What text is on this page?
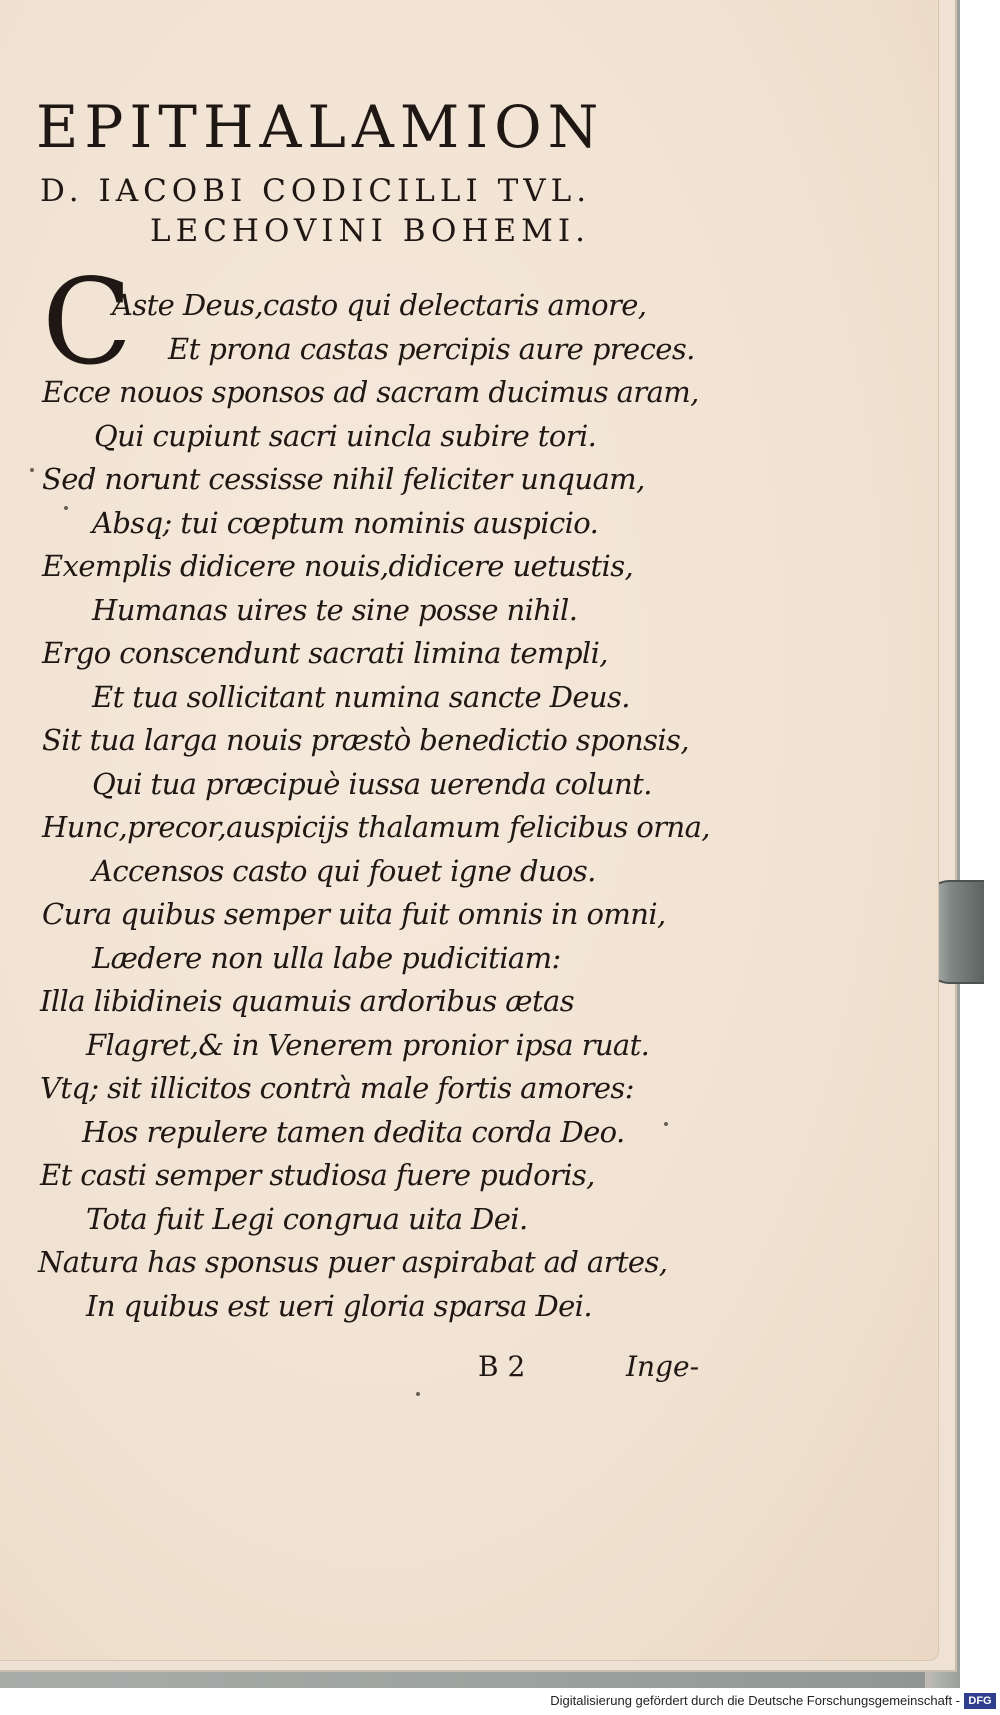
EPITHALAMION
D. IACOBI CODICILLI TVL.
LECHOVINI BOHEMI.
C
Aste Deus,casto qui delectaris amore,
Et prona castas percipis aure preces.
Ecce nouos sponsos ad sacram ducimus aram,
Qui cupiunt sacri uincla subire tori.
Sed norunt cessisse nihil feliciter unquam,
Absq; tui cœptum nominis auspicio.
Exemplis didicere nouis,didicere uetustis,
Humanas uires te sine posse nihil.
Ergo conscendunt sacrati limina templi,
Et tua sollicitant numina sancte Deus.
Sit tua larga nouis præstò benedictio sponsis,
Qui tua præcipuè iussa uerenda colunt.
Hunc,precor,auspicijs thalamum felicibus orna,
Accensos casto qui fouet igne duos.
Cura quibus semper uita fuit omnis in omni,
Lædere non ulla labe pudicitiam:
Illa libidineis quamuis ardoribus ætas
Flagret,& in Venerem pronior ipsa ruat.
Vtq; sit illicitos contrà male fortis amores:
Hos repulere tamen dedita corda Deo.
Et casti semper studiosa fuere pudoris,
Tota fuit Legi congrua uita Dei.
Natura has sponsus puer aspirabat ad artes,
In quibus est ueri gloria sparsa Dei.
B 2	Inge-
Digitalisierung gefördert durch die Deutsche Forschungsgemeinschaft - DFG
